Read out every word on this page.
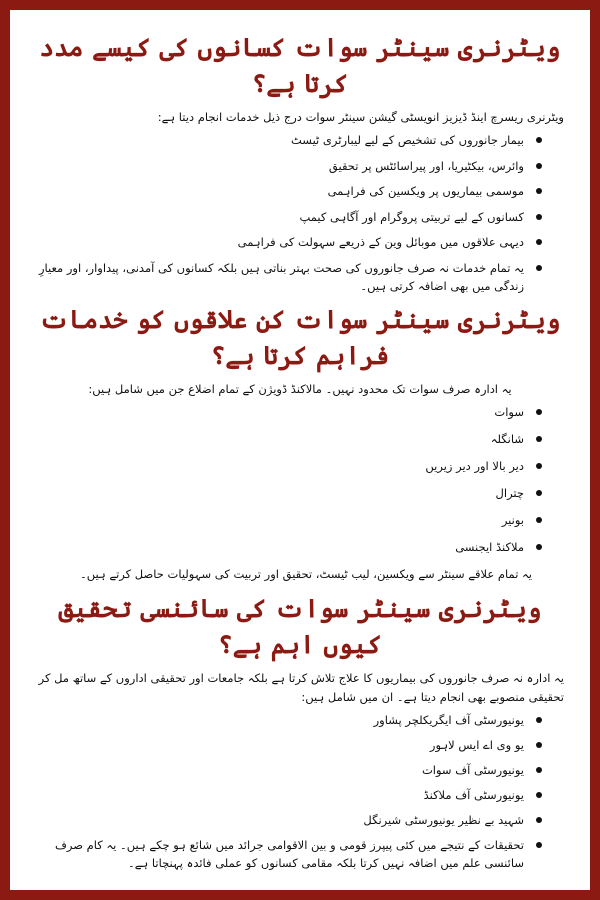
ویٹرنری سینٹر سوات کسانوں کی کیسے مدد کرتا ہے؟

ویٹرنری ریسرچ اینڈ ڈیزیز انویسٹی گیشن سینٹر سوات درج ذیل خدمات انجام دیتا ہے:

بیمار جانوروں کی تشخیص کے لیے لیبارٹری ٹیسٹ
وائرس، بیکٹیریا، اور پیراسائٹس پر تحقیق
موسمی بیماریوں پر ویکسین کی فراہمی
کسانوں کے لیے تربیتی پروگرام اور آگاہی کیمپ
دیہی علاقوں میں موبائل وین کے ذریعے سہولت کی فراہمی
یہ تمام خدمات نہ صرف جانوروں کی صحت بہتر بناتی ہیں بلکہ کسانوں کی آمدنی، پیداوار، اور معیارِ زندگی میں بھی اضافہ کرتی ہیں۔
ویٹرنری سینٹر سوات کن علاقوں کو خدمات فراہم کرتا ہے؟

یہ ادارہ صرف سوات تک محدود نہیں۔ مالاکنڈ ڈویژن کے تمام اضلاع جن میں شامل ہیں:

سوات
شانگلہ
دیر بالا اور دیر زیریں
چترال
بونیر
ملاکنڈ ایجنسی

یہ تمام علاقے سینٹر سے ویکسین، لیب ٹیسٹ، تحقیق اور تربیت کی سہولیات حاصل کرتے ہیں۔

ویٹرنری سینٹر سوات کی سائنسی تحقیق کیوں اہم ہے؟

یہ ادارہ نہ صرف جانوروں کی بیماریوں کا علاج تلاش کرتا ہے بلکہ جامعات اور تحقیقی اداروں کے ساتھ مل کر تحقیقی منصوبے بھی انجام دیتا ہے۔ ان میں شامل ہیں:

یونیورسٹی آف ایگریکلچر پشاور
یو وی اے ایس لاہور
یونیورسٹی آف سوات
یونیورسٹی آف ملاکنڈ
شہید بے نظیر یونیورسٹی شیرنگل
تحقیقات کے نتیجے میں کئی پیپرز قومی و بین الاقوامی جرائد میں شائع ہو چکے ہیں۔ یہ کام صرف سائنسی علم میں اضافہ نہیں کرتا بلکہ مقامی کسانوں کو عملی فائدہ پہنچاتا ہے۔
